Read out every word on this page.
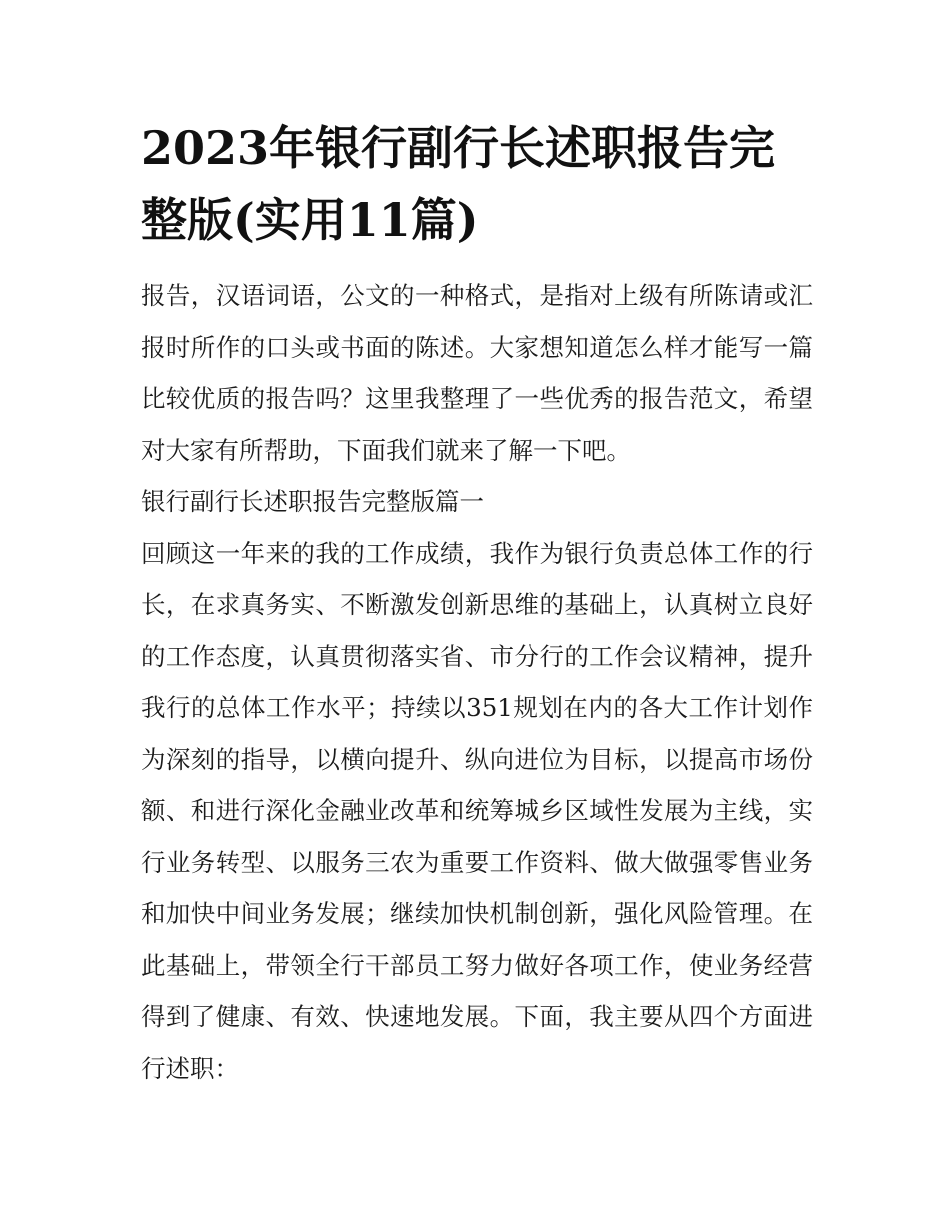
2023年银行副行长述职报告完整版(实用11篇)

报告，汉语词语，公文的一种格式，是指对上级有所陈请或汇报时所作的口头或书面的陈述。大家想知道怎么样才能写一篇比较优质的报告吗？这里我整理了一些优秀的报告范文，希望对大家有所帮助，下面我们就来了解一下吧。

银行副行长述职报告完整版篇一

回顾这一年来的我的工作成绩，我作为银行负责总体工作的行长，在求真务实、不断激发创新思维的基础上，认真树立良好的工作态度，认真贯彻落实省、市分行的工作会议精神，提升我行的总体工作水平；持续以351规划在内的各大工作计划作为深刻的指导，以横向提升、纵向进位为目标，以提高市场份额、和进行深化金融业改革和统筹城乡区域性发展为主线，实行业务转型、以服务三农为重要工作资料、做大做强零售业务和加快中间业务发展；继续加快机制创新，强化风险管理。在此基础上，带领全行干部员工努力做好各项工作，使业务经营得到了健康、有效、快速地发展。下面，我主要从四个方面进行述职：
